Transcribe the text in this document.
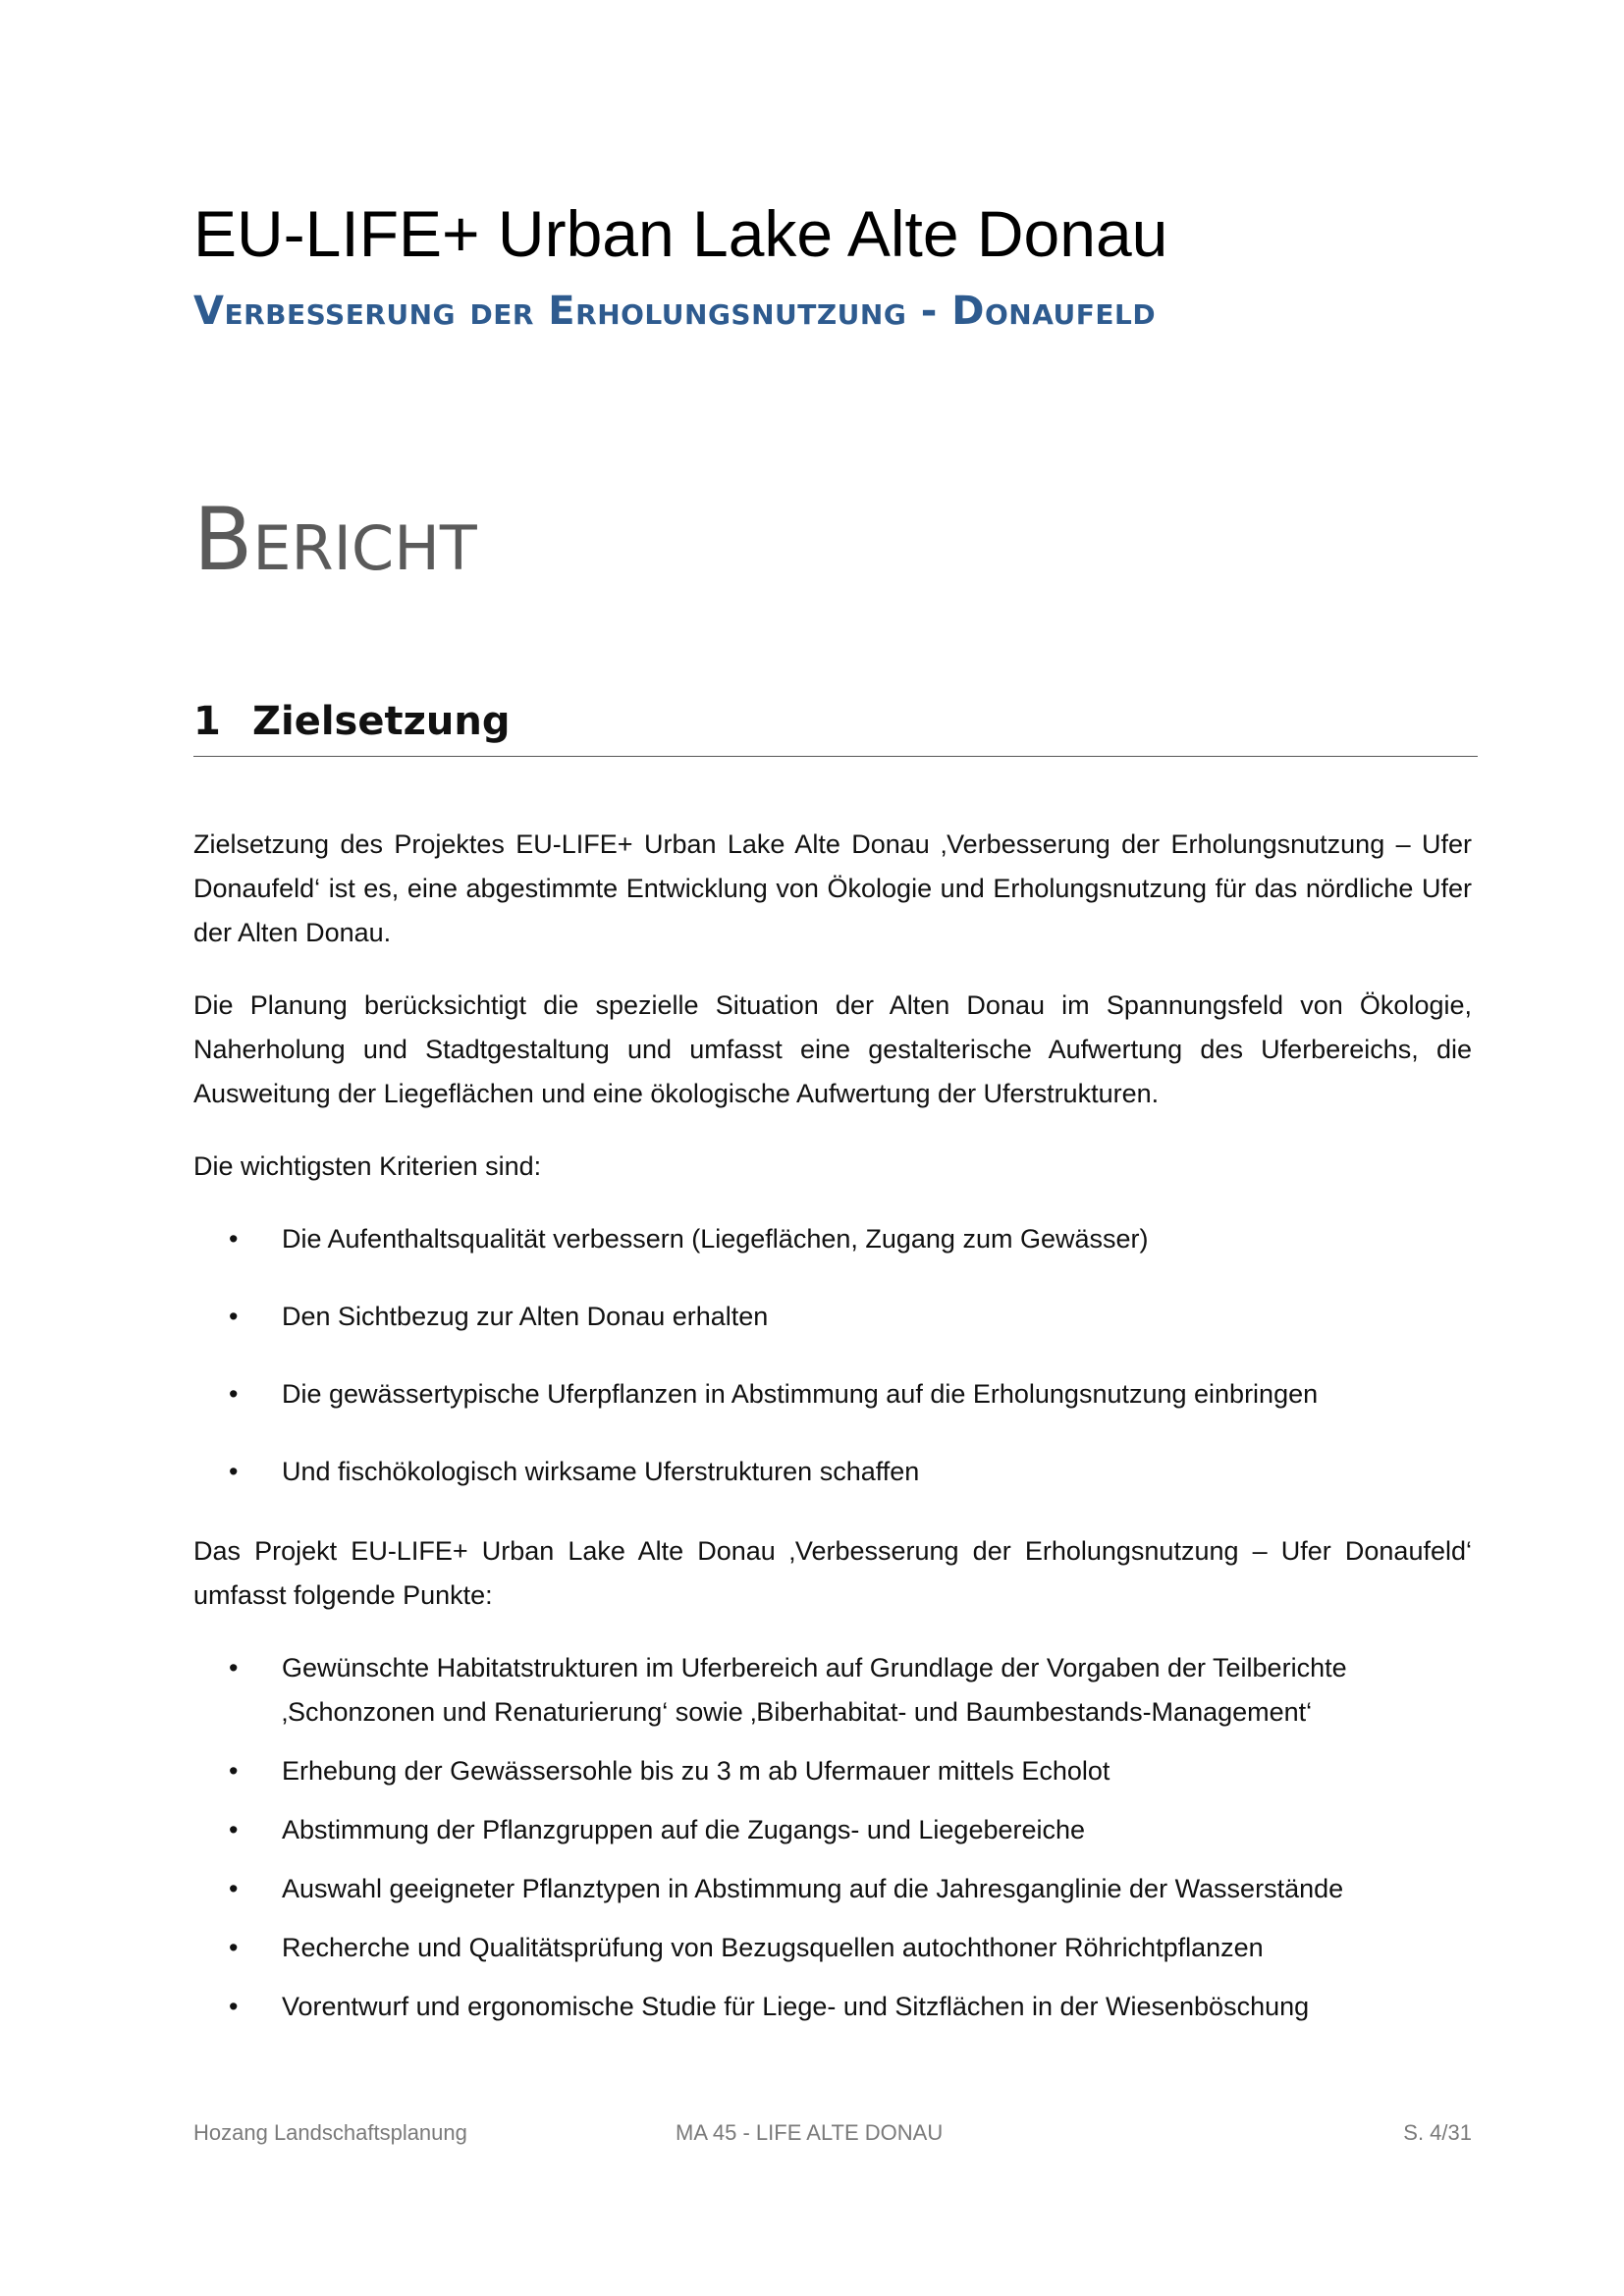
EU-LIFE+ Urban Lake Alte Donau
Verbesserung der Erholungsnutzung - Donaufeld
Bericht
1 Zielsetzung

Zielsetzung des Projektes EU-LIFE+ Urban Lake Alte Donau ‚Verbesserung der Erholungsnutzung – Ufer Donaufeld‘ ist es, eine abgestimmte Entwicklung von Ökologie und Erholungsnutzung für das nördliche Ufer der Alten Donau.

Die Planung berücksichtigt die spezielle Situation der Alten Donau im Spannungsfeld von Ökologie, Naherholung und Stadtgestaltung und umfasst eine gestalterische Aufwertung des Uferbereichs, die Ausweitung der Liegeflächen und eine ökologische Aufwertung der Uferstrukturen.

Die wichtigsten Kriterien sind:

•	Die Aufenthaltsqualität verbessern (Liegeflächen, Zugang zum Gewässer)
•	Den Sichtbezug zur Alten Donau erhalten
•	Die gewässertypische Uferpflanzen in Abstimmung auf die Erholungsnutzung einbringen
•	Und fischökologisch wirksame Uferstrukturen schaffen

Das Projekt EU-LIFE+ Urban Lake Alte Donau ‚Verbesserung der Erholungsnutzung – Ufer Donaufeld‘ umfasst folgende Punkte:

•	Gewünschte Habitatstrukturen im Uferbereich auf Grundlage der Vorgaben der Teilberichte ‚Schonzonen und Renaturierung‘ sowie ‚Biberhabitat- und Baumbestands-Management‘
•	Erhebung der Gewässersohle bis zu 3 m ab Ufermauer mittels Echolot
•	Abstimmung der Pflanzgruppen auf die Zugangs- und Liegebereiche
•	Auswahl geeigneter Pflanztypen in Abstimmung auf die Jahresganglinie der Wasserstände
•	Recherche und Qualitätsprüfung von Bezugsquellen autochthoner Röhrichtpflanzen
•	Vorentwurf und ergonomische Studie für Liege- und Sitzflächen in der Wiesenböschung
Hozang Landschaftsplanung	MA 45 - LIFE ALTE DONAU	S. 4/31
